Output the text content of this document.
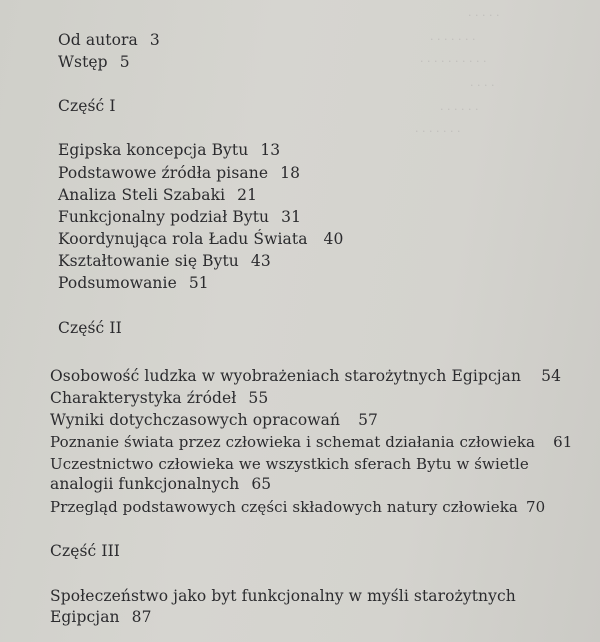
. . . . .
. . . . . . .
. . . . . . . . . .
. . . .
. . . . . .
. . . . . . .
Od autora 3
Wstęp 5
Część I
Egipska koncepcja Bytu 13
Podstawowe źródła pisane 18
Analiza Steli Szabaki 21
Funkcjonalny podział Bytu 31
Koordynująca rola Ładu Świata 40
Kształtowanie się Bytu 43
Podsumowanie 51
Część II
Osobowość ludzka w wyobrażeniach starożytnych Egipcjan 54
Charakterystyka źródeł 55
Wyniki dotychczasowych opracowań 57
Poznanie świata przez człowieka i schemat działania człowieka 61
Uczestnictwo człowieka we wszystkich sferach Bytu w świetle
analogii funkcjonalnych 65
Przegląd podstawowych części składowych natury człowieka 70
Część III
Społeczeństwo jako byt funkcjonalny w myśli starożytnych
Egipcjan 87
